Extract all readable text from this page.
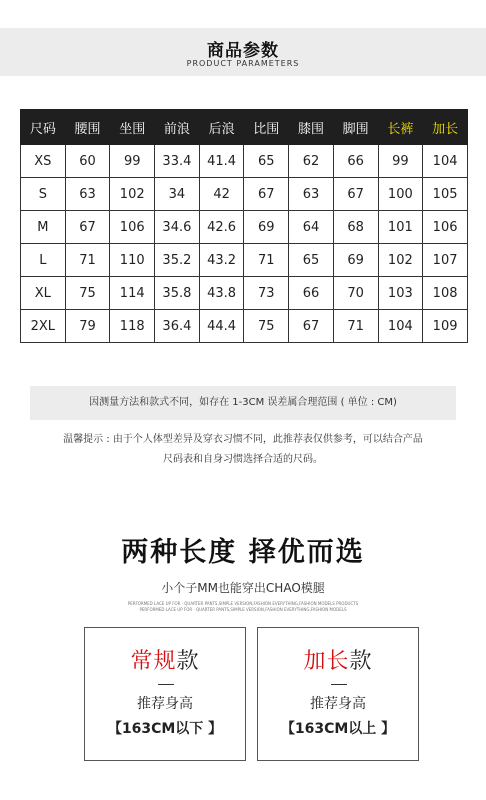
商品参数
PRODUCT PARAMETERS
尺码	腰围	坐围	前浪	后浪	比围	膝围	脚围	长裤	加长
XS	60	99	33.4	41.4	65	62	66	99	104
S	63	102	34	42	67	63	67	100	105
M	67	106	34.6	42.6	69	64	68	101	106
L	71	110	35.2	43.2	71	65	69	102	107
XL	75	114	35.8	43.8	73	66	70	103	108
2XL	79	118	36.4	44.4	75	67	71	104	109
因测量方法和款式不同，如存在 1-3CM 误差属合理范围 ( 单位 : CM)
温馨提示 : 由于个人体型差异及穿衣习惯不同，此推荐表仅供参考，可以结合产品
尺码表和自身习惯选择合适的尺码。
两种长度 择优而选
小个子MM也能穿出CHAO模腿
PERFORMED LACE UP FOR · QUARTER PANTS,SIMPLE VERSION,FASHION EVERYTHING,FASHION MODELS PRODUCTS
PERFORMED LACE UP FOR · QUARTER PANTS,SIMPLE VERSION,FASHION EVERYTHING,FASHION MODELS
常规款
推荐身高
【163CM以下 】
加长款
推荐身高
【163CM以上 】
